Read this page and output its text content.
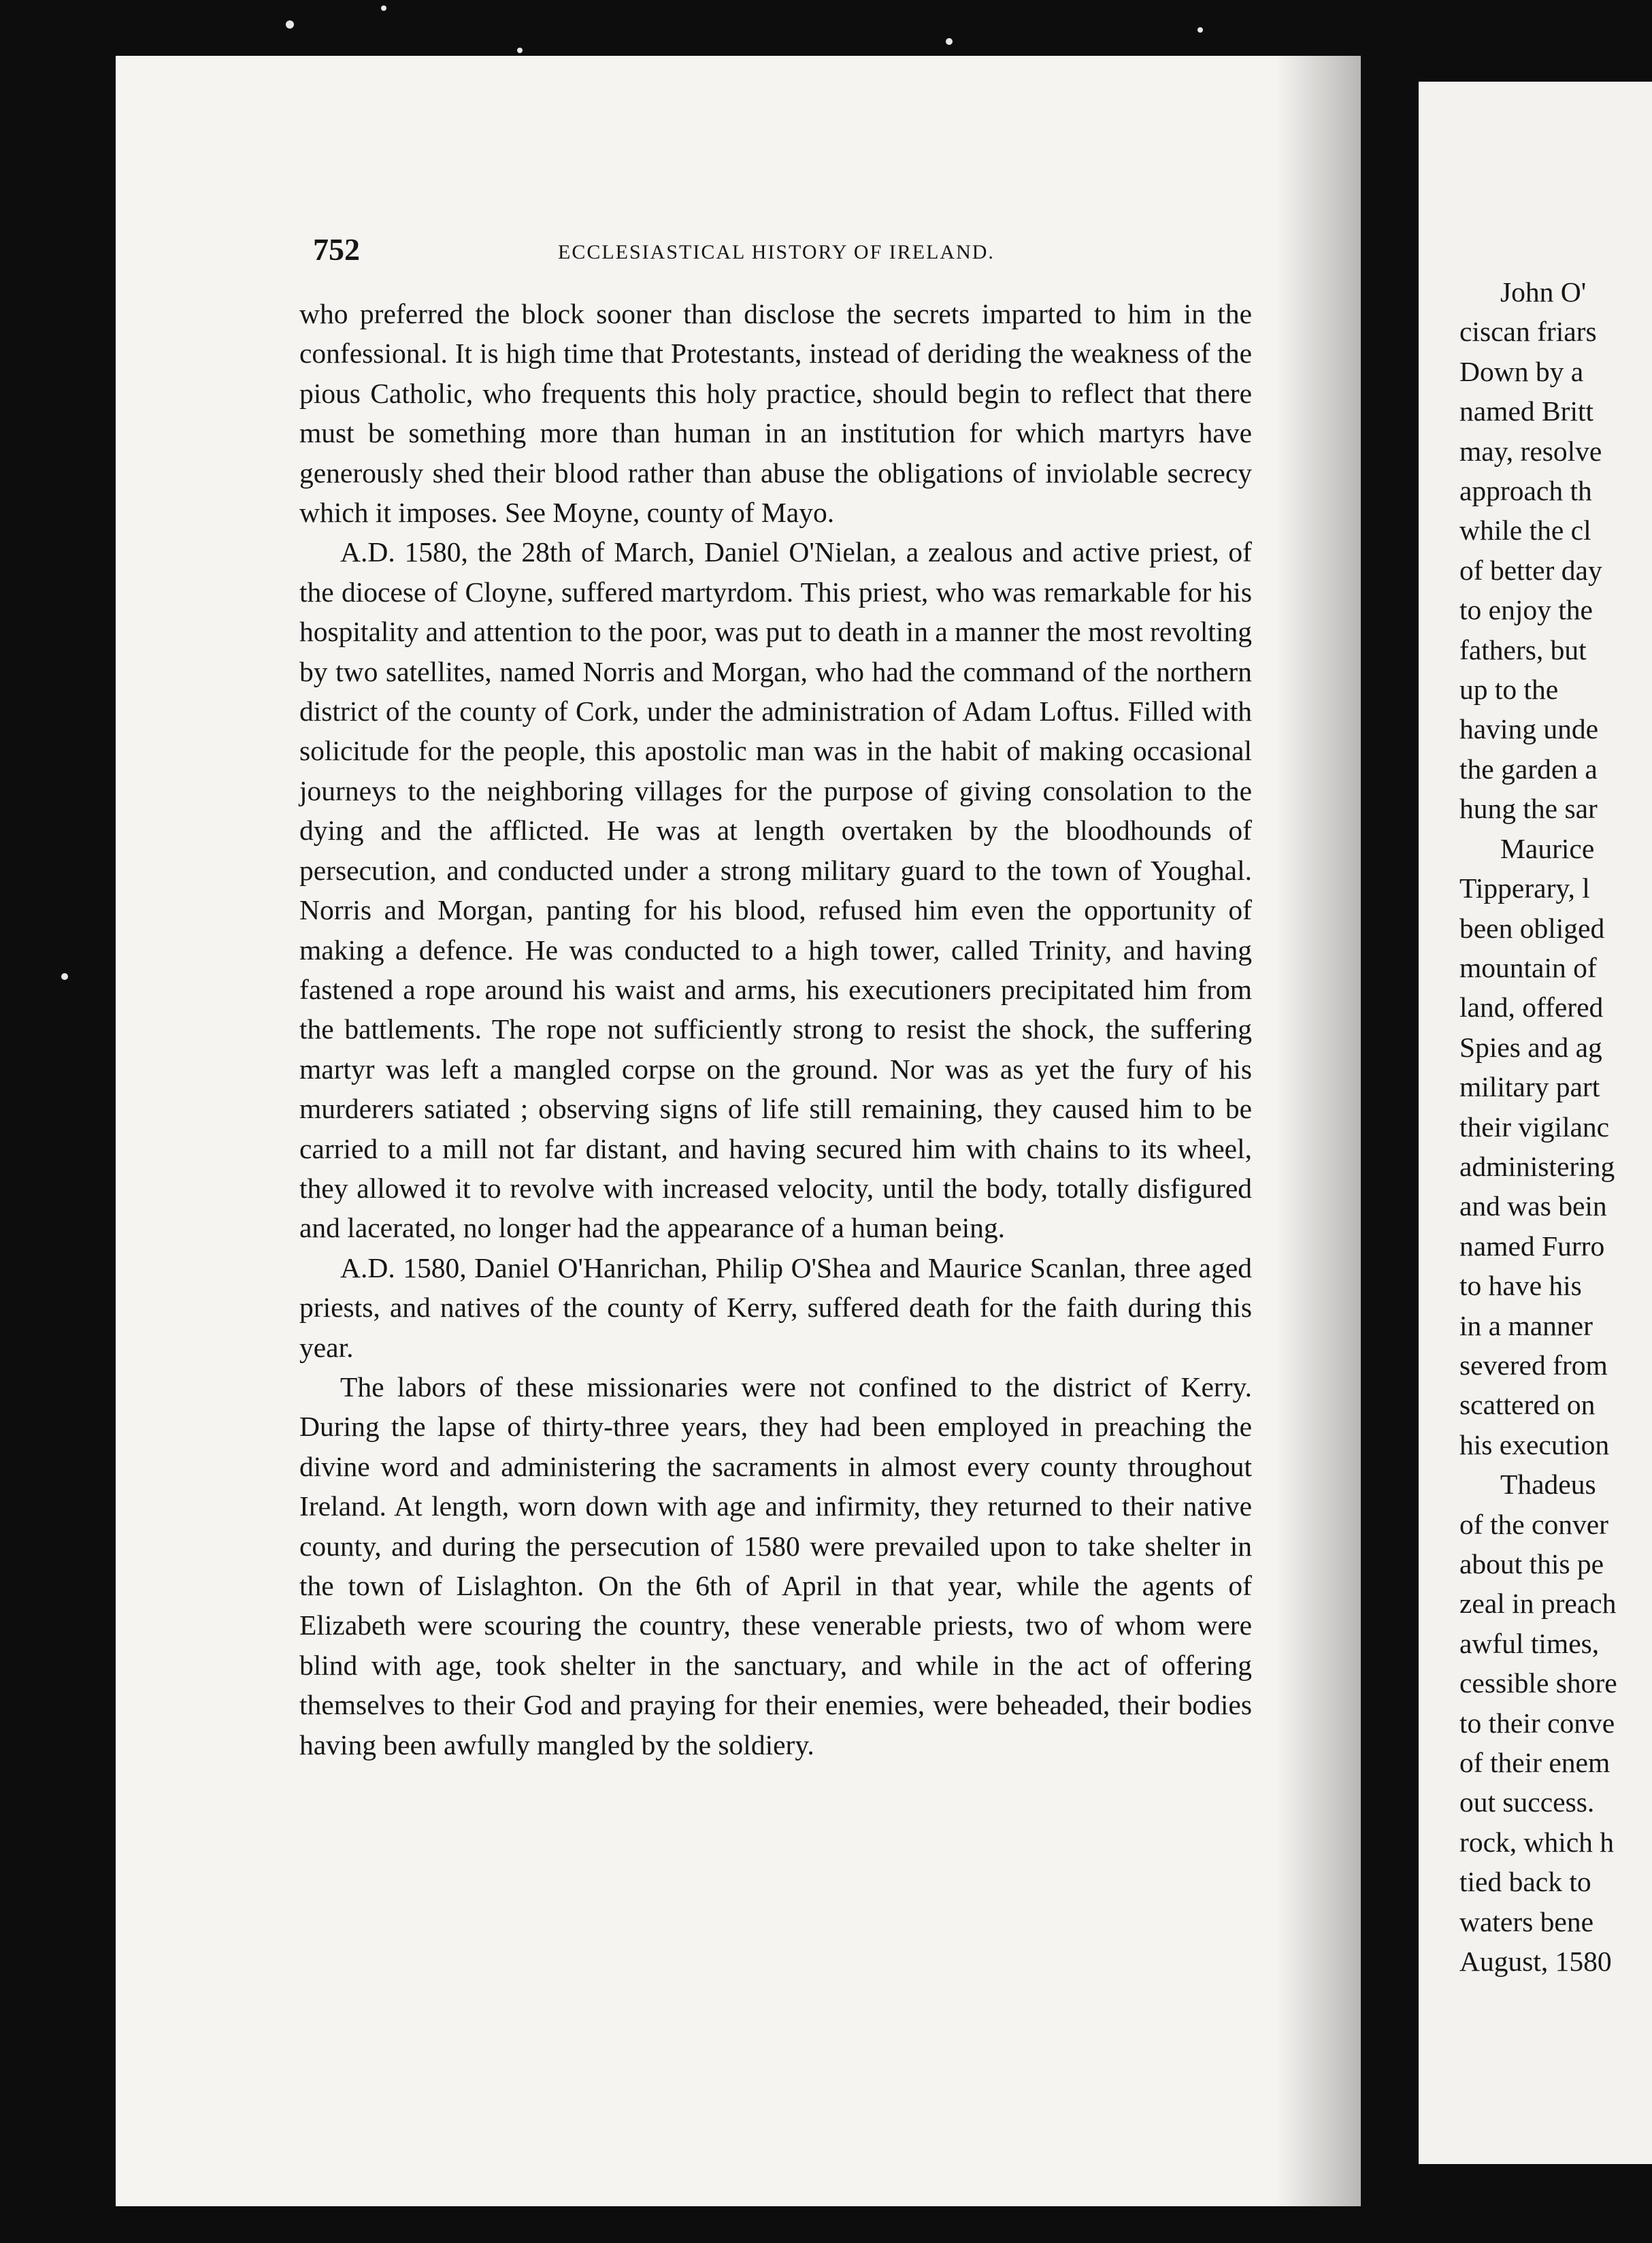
752	ECCLESIASTICAL HISTORY OF IRELAND.

who preferred the block sooner than disclose the secrets imparted to him in the confessional. It is high time that Protestants, instead of deriding the weakness of the pious Catholic, who frequents this holy practice, should begin to reflect that there must be something more than human in an institution for which martyrs have generously shed their blood rather than abuse the obligations of inviolable secrecy which it imposes. See Moyne, county of Mayo.

A.D. 1580, the 28th of March, Daniel O'Nielan, a zealous and active priest, of the diocese of Cloyne, suffered martyrdom. This priest, who was remarkable for his hospitality and attention to the poor, was put to death in a manner the most revolting by two satellites, named Norris and Morgan, who had the command of the northern district of the county of Cork, under the administration of Adam Loftus. Filled with solicitude for the people, this apostolic man was in the habit of making occasional journeys to the neighboring villages for the purpose of giving consolation to the dying and the afflicted. He was at length overtaken by the bloodhounds of persecution, and conducted under a strong military guard to the town of Youghal. Norris and Morgan, panting for his blood, refused him even the opportunity of making a defence. He was conducted to a high tower, called Trinity, and having fastened a rope around his waist and arms, his executioners precipitated him from the battlements. The rope not sufficiently strong to resist the shock, the suffering martyr was left a mangled corpse on the ground. Nor was as yet the fury of his murderers satiated ; observing signs of life still remaining, they caused him to be carried to a mill not far distant, and having secured him with chains to its wheel, they allowed it to revolve with increased velocity, until the body, totally disfigured and lacerated, no longer had the appearance of a human being.

A.D. 1580, Daniel O'Hanrichan, Philip O'Shea and Maurice Scanlan, three aged priests, and natives of the county of Kerry, suffered death for the faith during this year.

The labors of these missionaries were not confined to the district of Kerry. During the lapse of thirty-three years, they had been employed in preaching the divine word and administering the sacraments in almost every county throughout Ireland. At length, worn down with age and infirmity, they returned to their native county, and during the persecution of 1580 were prevailed upon to take shelter in the town of Lislaghton. On the 6th of April in that year, while the agents of Elizabeth were scouring the country, these venerable priests, two of whom were blind with age, took shelter in the sanctuary, and while in the act of offering themselves to their God and praying for their enemies, were beheaded, their bodies having been awfully mangled by the soldiery.

John O'
ciscan friars
Down by a
named Britt
may, resolve
approach th
while the cl
of better day
to enjoy the
fathers, but
up to the
having unde
the garden a
hung the sar
Maurice
Tipperary, l
been obliged
mountain of
land, offered
Spies and ag
military part
their vigilanc
administering
and was bein
named Furro
to have his
in a manner
severed from
scattered on
his execution
Thadeus
of the conver
about this pe
zeal in preach
awful times,
cessible shore
to their conve
of their enem
out success.
rock, which h
tied back to
waters bene
August, 1580
